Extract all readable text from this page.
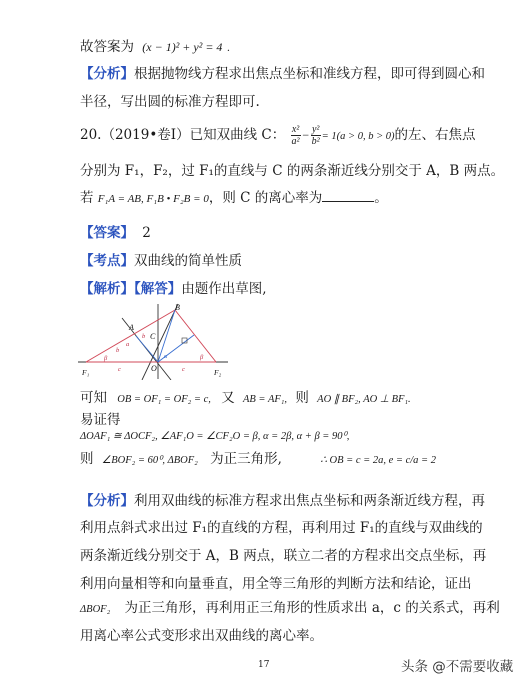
故答案为 (x − 1)² + y² = 4 .
【分析】根据抛物线方程求出焦点坐标和准线方程，即可得到圆心和
半径，写出圆的标准方程即可.
20.（2019•卷Ⅰ）已知双曲线 C： $\frac{\text{x²}}{\text{a²}} - \frac{\text{y²}}{\text{b²}} = 1(a > 0$, b > 0)的左、右焦点
分别为 F₁，F₂，过 F₁的直线与 C 的两条渐近线分别交于 A，B 两点。
若 F₁A = AB, F₁B • F₂B = 0，则 C 的离心率为	。
【答案】 2
【考点】双曲线的简单性质
【解析】【解答】由题作出草图,
B
A
C
O
F₁	F₂
b
b
a
α
β	β
c	c
可知 OB = OF₁ = OF₂ = c, 又 AB = AF₁, 则 AO ∥ BF₂, AO ⊥ BF₁.
易证得
ΔOAF₁ ≅ ΔOCF₂, ∠AF₁O = ∠CF₂O = β, α = 2β, α + β = 90⁰,
则 ∠BOF₂ = 60⁰, ΔBOF₂ 为正三角形,	∴ OB = c = 2a, e = c/a = 2
【分析】利用双曲线的标准方程求出焦点坐标和两条渐近线方程，再
利用点斜式求出过 F₁的直线的方程，再利用过 F₁的直线与双曲线的
两条渐近线分别交于 A，B 两点，联立二者的方程求出交点坐标，再
利用向量相等和向量垂直，用全等三角形的判断方法和结论，证出
ΔBOF₂ 为正三角形，再利用正三角形的性质求出 a，c 的关系式，再利
用离心率公式变形求出双曲线的离心率。
17	头条 @不需要收藏
